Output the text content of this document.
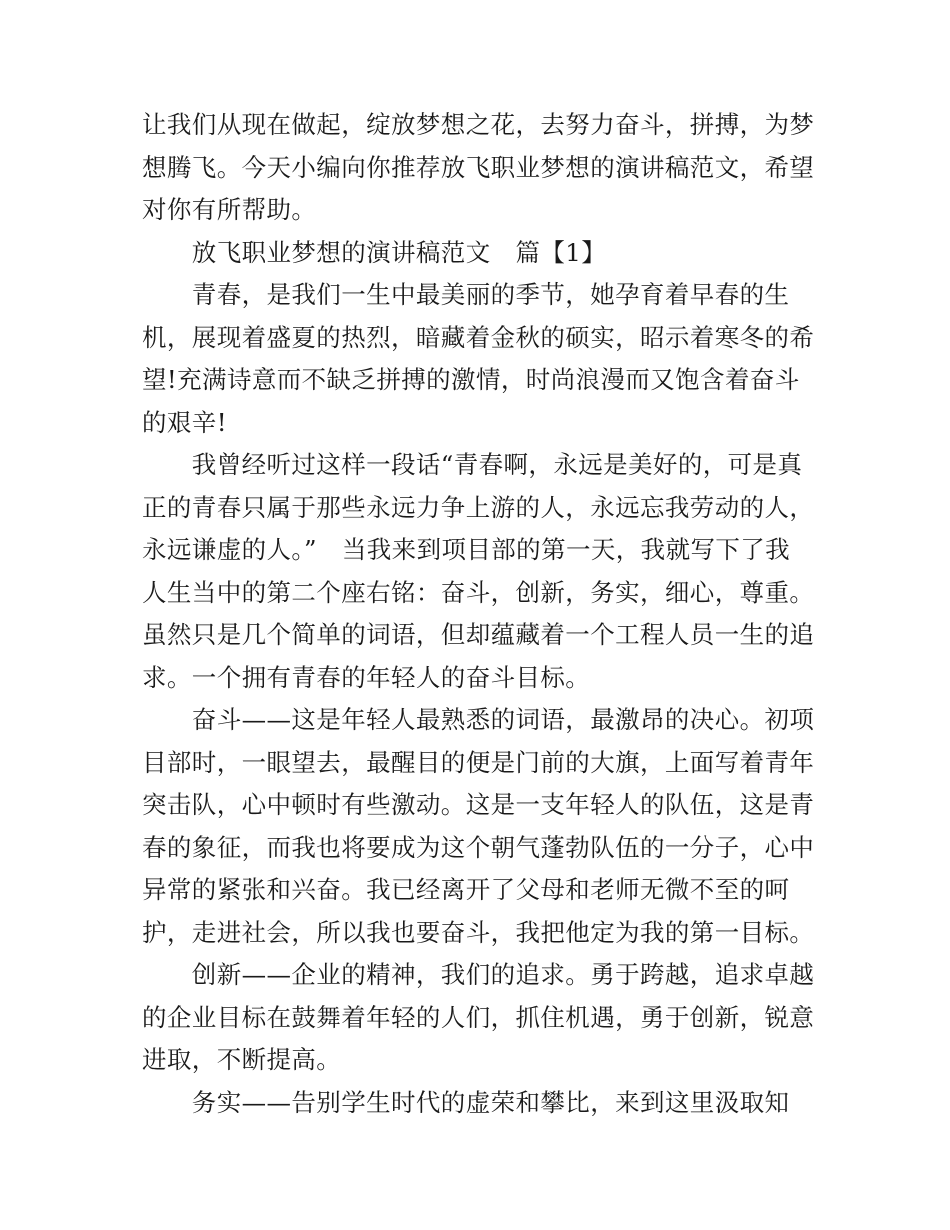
让我们从现在做起，绽放梦想之花，去努力奋斗，拼搏，为梦
想腾飞。今天小编向你推荐放飞职业梦想的演讲稿范文，希望
对你有所帮助。
　　放飞职业梦想的演讲稿范文　篇【1】
　　青春，是我们一生中最美丽的季节，她孕育着早春的生
机，展现着盛夏的热烈，暗藏着金秋的硕实，昭示着寒冬的希
望!充满诗意而不缺乏拼搏的激情，时尚浪漫而又饱含着奋斗
的艰辛!
　　我曾经听过这样一段话“青春啊，永远是美好的，可是真
正的青春只属于那些永远力争上游的人，永远忘我劳动的人，
永远谦虚的人。”　当我来到项目部的第一天，我就写下了我
人生当中的第二个座右铭：奋斗，创新，务实，细心，尊重。
虽然只是几个简单的词语，但却蕴藏着一个工程人员一生的追
求。一个拥有青春的年轻人的奋斗目标。
　　奋斗——这是年轻人最熟悉的词语，最激昂的决心。初项
目部时，一眼望去，最醒目的便是门前的大旗，上面写着青年
突击队，心中顿时有些激动。这是一支年轻人的队伍，这是青
春的象征，而我也将要成为这个朝气蓬勃队伍的一分子，心中
异常的紧张和兴奋。我已经离开了父母和老师无微不至的呵
护，走进社会，所以我也要奋斗，我把他定为我的第一目标。
　　创新——企业的精神，我们的追求。勇于跨越，追求卓越
的企业目标在鼓舞着年轻的人们，抓住机遇，勇于创新，锐意
进取，不断提高。
　　务实——告别学生时代的虚荣和攀比，来到这里汲取知
